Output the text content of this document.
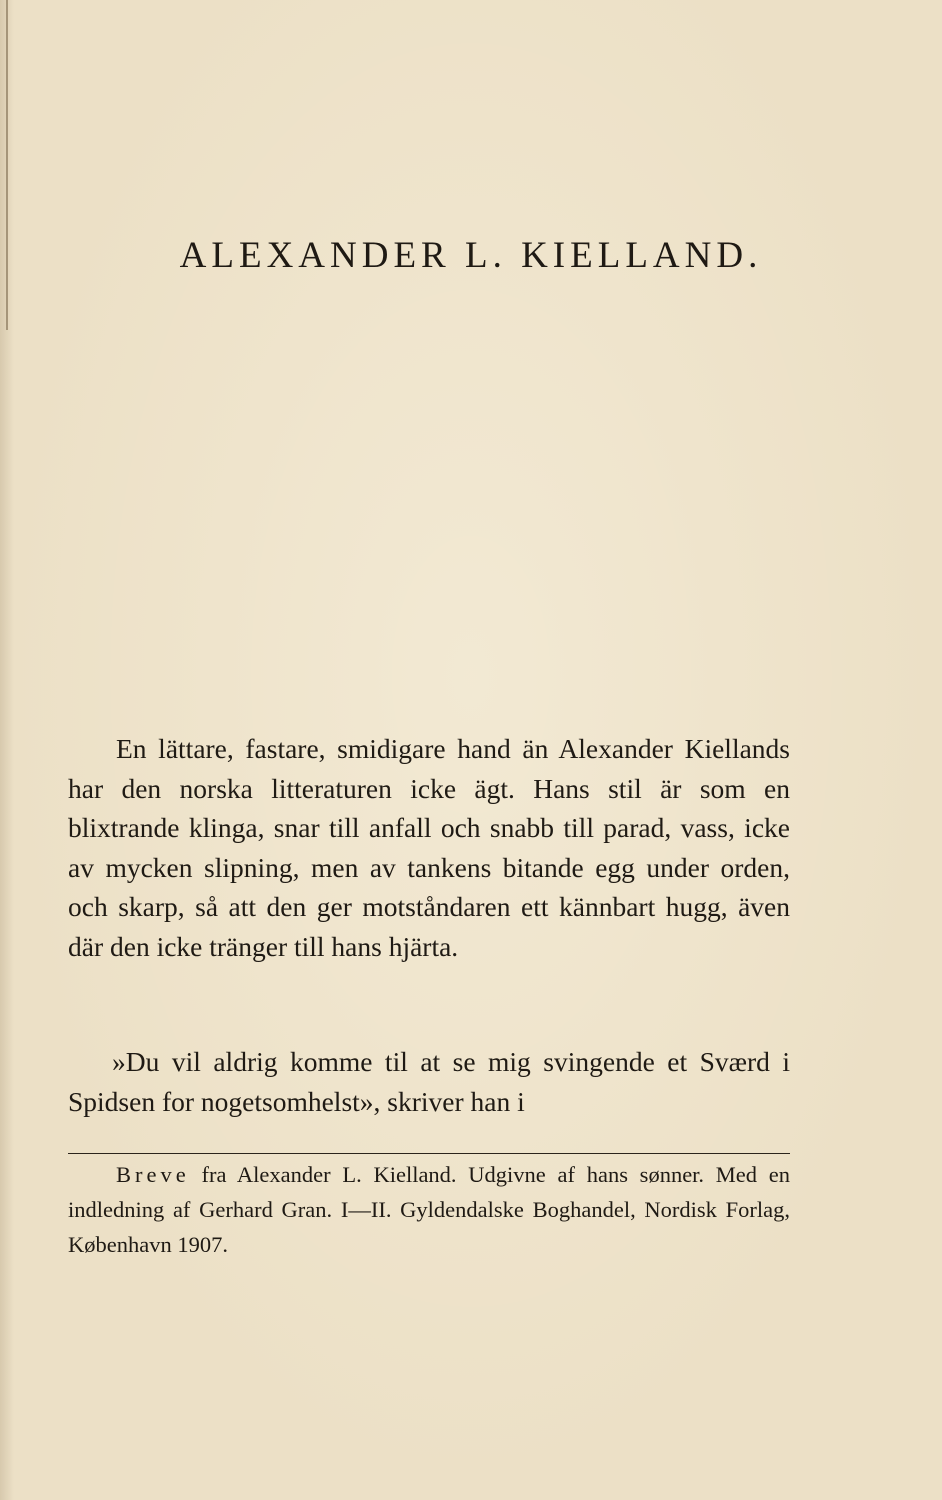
ALEXANDER L. KIELLAND.

En lättare, fastare, smidigare hand än Alexander Kiellands har den norska litteraturen icke ägt. Hans stil är som en blixtrande klinga, snar till anfall och snabb till parad, vass, icke av mycken slipning, men av tankens bitande egg under orden, och skarp, så att den ger motståndaren ett kännbart hugg, även där den icke tränger till hans hjärta.

»Du vil aldrig komme til at se mig svingende et Sværd i Spidsen for nogetsomhelst», skriver han i

Breve fra Alexander L. Kielland. Udgivne af hans sønner. Med en indledning af Gerhard Gran. I—II. Gyldendalske Boghandel, Nordisk Forlag, København 1907.
